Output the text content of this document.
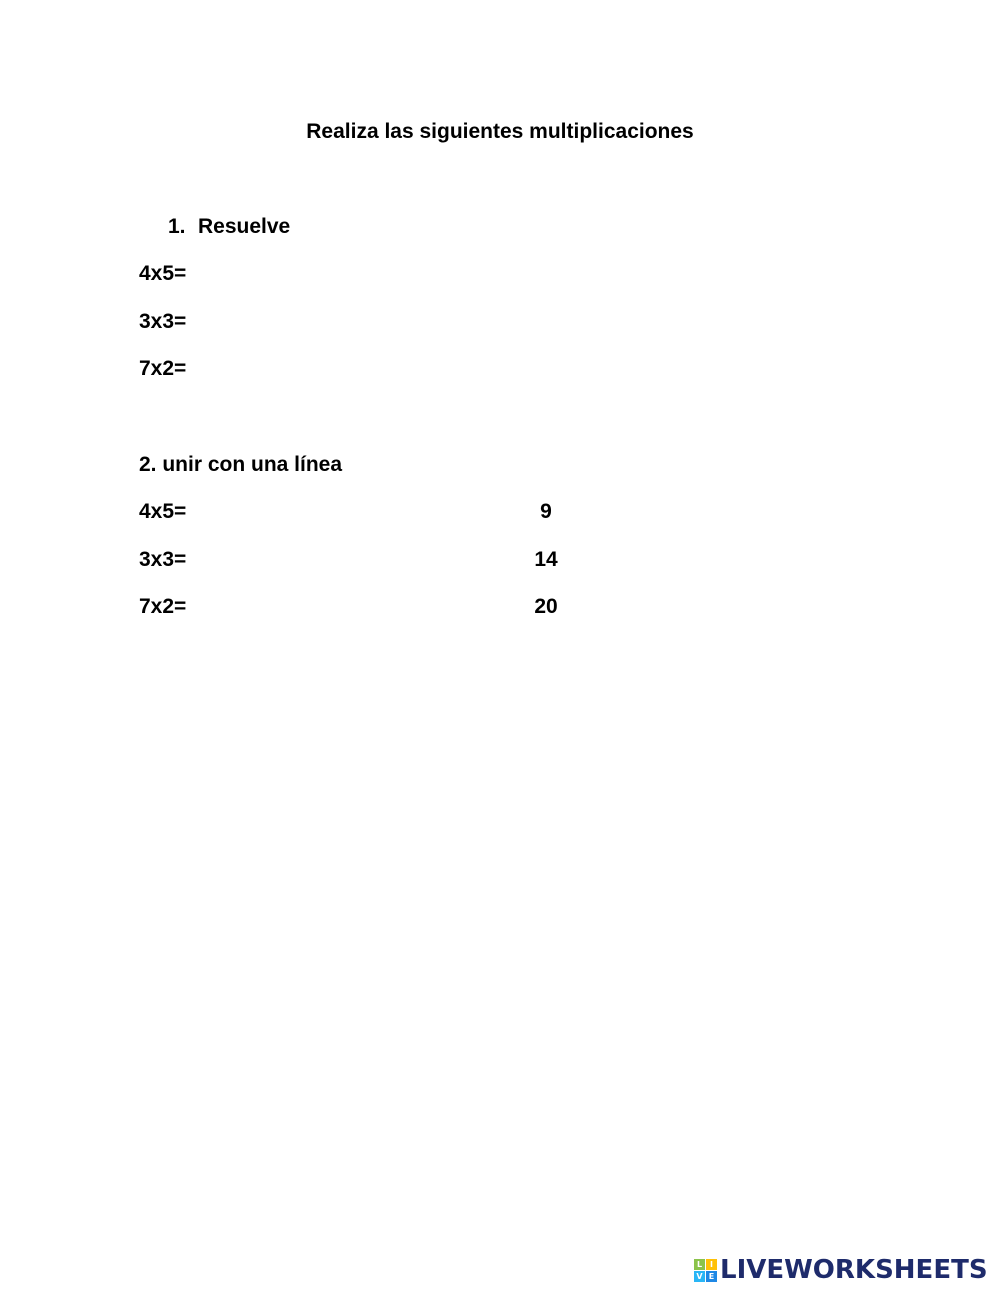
Realiza las siguientes multiplicaciones
1. Resuelve
4x5=
3x3=
7x2=
2. unir con una línea
4x5=
3x3=
7x2=
9
14
20
L I
V E LIVEWORKSHEETS
